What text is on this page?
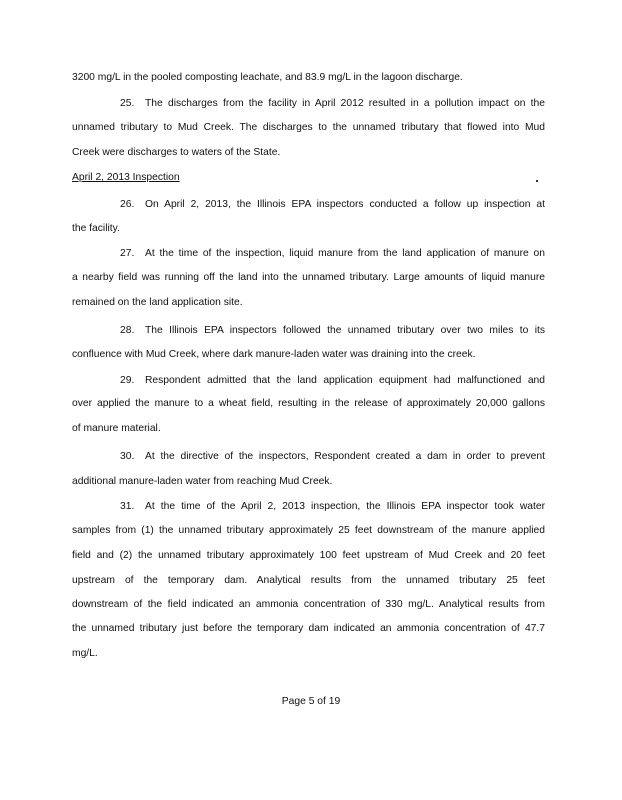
3200 mg/L in the pooled composting leachate, and 83.9 mg/L in the lagoon discharge.
25. The discharges from the facility in April 2012 resulted in a pollution impact on the
unnamed tributary to Mud Creek. The discharges to the unnamed tributary that flowed into Mud
Creek were discharges to waters of the State.
April 2, 2013 Inspection
26. On April 2, 2013, the Illinois EPA inspectors conducted a follow up inspection at
the facility.
27. At the time of the inspection, liquid manure from the land application of manure on
a nearby field was running off the land into the unnamed tributary. Large amounts of liquid manure
remained on the land application site.
28. The Illinois EPA inspectors followed the unnamed tributary over two miles to its
confluence with Mud Creek, where dark manure-laden water was draining into the creek.
29. Respondent admitted that the land application equipment had malfunctioned and
over applied the manure to a wheat field, resulting in the release of approximately 20,000 gallons
of manure material.
30. At the directive of the inspectors, Respondent created a dam in order to prevent
additional manure-laden water from reaching Mud Creek.
31. At the time of the April 2, 2013 inspection, the Illinois EPA inspector took water
samples from (1) the unnamed tributary approximately 25 feet downstream of the manure applied
field and (2) the unnamed tributary approximately 100 feet upstream of Mud Creek and 20 feet
upstream of the temporary dam. Analytical results from the unnamed tributary 25 feet
downstream of the field indicated an ammonia concentration of 330 mg/L. Analytical results from
the unnamed tributary just before the temporary dam indicated an ammonia concentration of 47.7
mg/L.
Page 5 of 19
